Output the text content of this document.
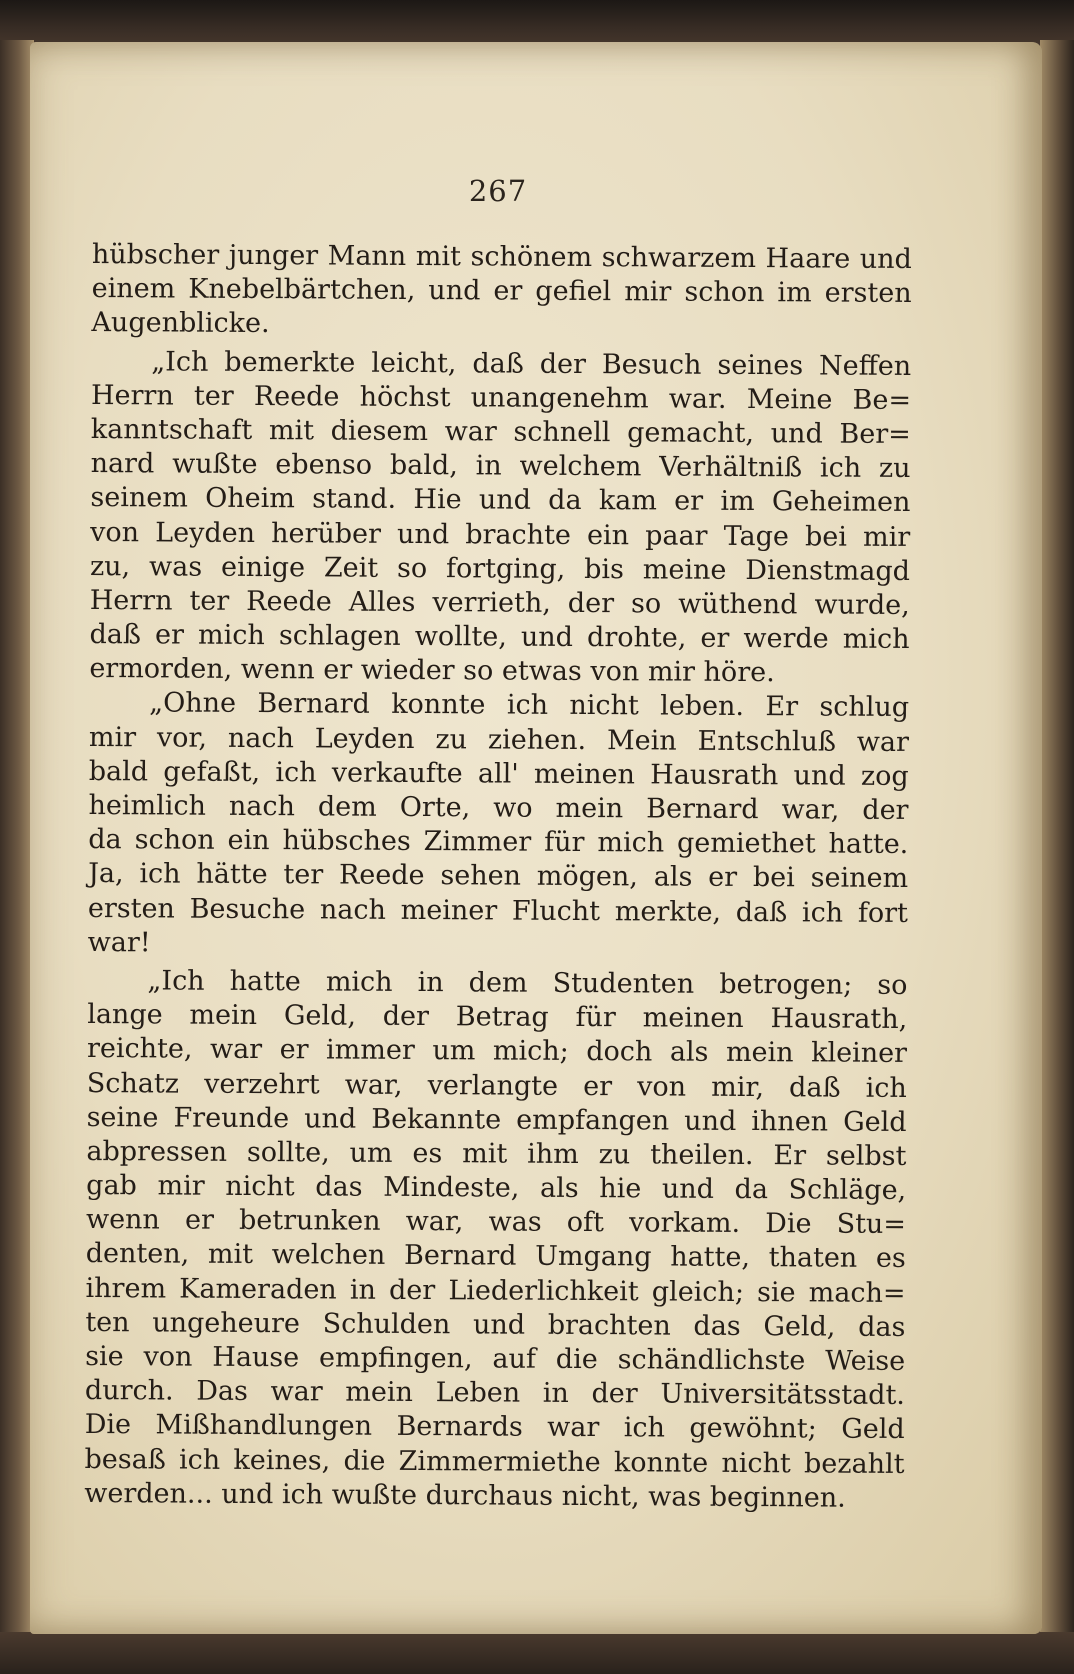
267
hübscher junger Mann mit schönem schwarzem Haare und
einem Knebelbärtchen, und er gefiel mir schon im ersten
Augenblicke.
„Ich bemerkte leicht, daß der Besuch seines Neffen
Herrn ter Reede höchst unangenehm war. Meine Be=
kanntschaft mit diesem war schnell gemacht, und Ber=
nard wußte ebenso bald, in welchem Verhältniß ich zu
seinem Oheim stand. Hie und da kam er im Geheimen
von Leyden herüber und brachte ein paar Tage bei mir
zu, was einige Zeit so fortging, bis meine Dienstmagd
Herrn ter Reede Alles verrieth, der so wüthend wurde,
daß er mich schlagen wollte, und drohte, er werde mich
ermorden, wenn er wieder so etwas von mir höre.
„Ohne Bernard konnte ich nicht leben. Er schlug
mir vor, nach Leyden zu ziehen. Mein Entschluß war
bald gefaßt, ich verkaufte all' meinen Hausrath und zog
heimlich nach dem Orte, wo mein Bernard war, der
da schon ein hübsches Zimmer für mich gemiethet hatte.
Ja, ich hätte ter Reede sehen mögen, als er bei seinem
ersten Besuche nach meiner Flucht merkte, daß ich fort
war!
„Ich hatte mich in dem Studenten betrogen; so
lange mein Geld, der Betrag für meinen Hausrath,
reichte, war er immer um mich; doch als mein kleiner
Schatz verzehrt war, verlangte er von mir, daß ich
seine Freunde und Bekannte empfangen und ihnen Geld
abpressen sollte, um es mit ihm zu theilen. Er selbst
gab mir nicht das Mindeste, als hie und da Schläge,
wenn er betrunken war, was oft vorkam. Die Stu=
denten, mit welchen Bernard Umgang hatte, thaten es
ihrem Kameraden in der Liederlichkeit gleich; sie mach=
ten ungeheure Schulden und brachten das Geld, das
sie von Hause empfingen, auf die schändlichste Weise
durch. Das war mein Leben in der Universitätsstadt.
Die Mißhandlungen Bernards war ich gewöhnt; Geld
besaß ich keines, die Zimmermiethe konnte nicht bezahlt
werden... und ich wußte durchaus nicht, was beginnen.
